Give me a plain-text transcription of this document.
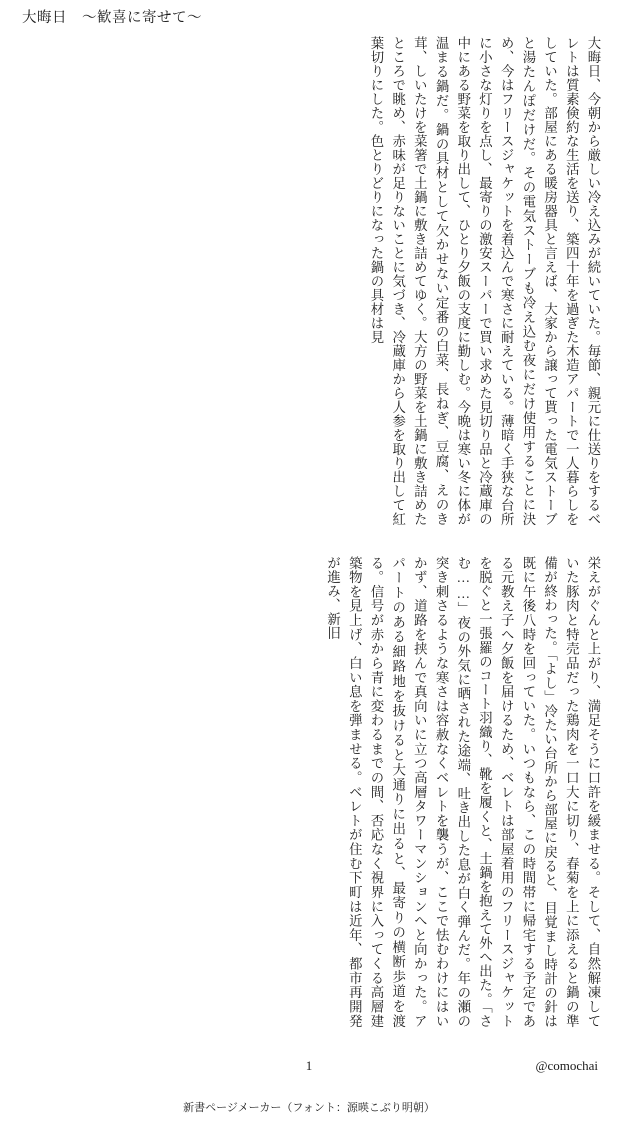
大晦日　〜歓喜に寄せて〜

大晦日、今朝から厳しい冷え込みが続いていた。毎節、親元に仕送りをするベレトは質素倹約な生活を送り、築四十年を過ぎた木造アパートで一人暮らしをしていた。部屋にある暖房器具と言えば、大家から譲って貰った電気ストーブと湯たんぽだけだ。その電気ストーブも冷え込む夜にだけ使用することに決め、今はフリースジャケットを着込んで寒さに耐えている。薄暗く手狭な台所に小さな灯りを点し、最寄りの激安スーパーで買い求めた見切り品と冷蔵庫の中にある野菜を取り出して、ひとり夕飯の支度に勤しむ。今晩は寒い冬に体が温まる鍋だ。鍋の具材として欠かせない定番の白菜、長ねぎ、豆腐、えのき茸、しいたけを菜箸で土鍋に敷き詰めてゆく。大方の野菜を土鍋に敷き詰めたところで眺め、赤味が足りないことに気づき、冷蔵庫から人参を取り出して紅葉切りにした。色とりどりになった鍋の具材は見

栄えがぐんと上がり、満足そうに口許を緩ませる。そして、自然解凍していた豚肉と特売品だった鶏肉を一口大に切り、春菊を上に添えると鍋の準備が終わった。「よし」冷たい台所から部屋に戻ると、目覚まし時計の針は既に午後八時を回っていた。いつもなら、この時間帯に帰宅する予定である元教え子へ夕飯を届けるため、ベレトは部屋着用のフリースジャケットを脱ぐと一張羅のコート羽織り、靴を履くと、土鍋を抱えて外へ出た。「さむ……」夜の外気に晒された途端、吐き出した息が白く弾んだ。年の瀬の突き刺さるような寒さは容赦なくベレトを襲うが、ここで怯むわけにはいかず、道路を挟んで真向いに立つ高層タワーマンションへと向かった。アパートのある細路地を抜けると大通りに出ると、最寄りの横断歩道を渡る。信号が赤から青に変わるまでの間、否応なく視界に入ってくる高層建築物を見上げ、白い息を弾ませる。ベレトが住む下町は近年、都市再開発が進み、新旧

1	@comochai
新書ページメーカー（フォント：源暎こぶり明朝）
